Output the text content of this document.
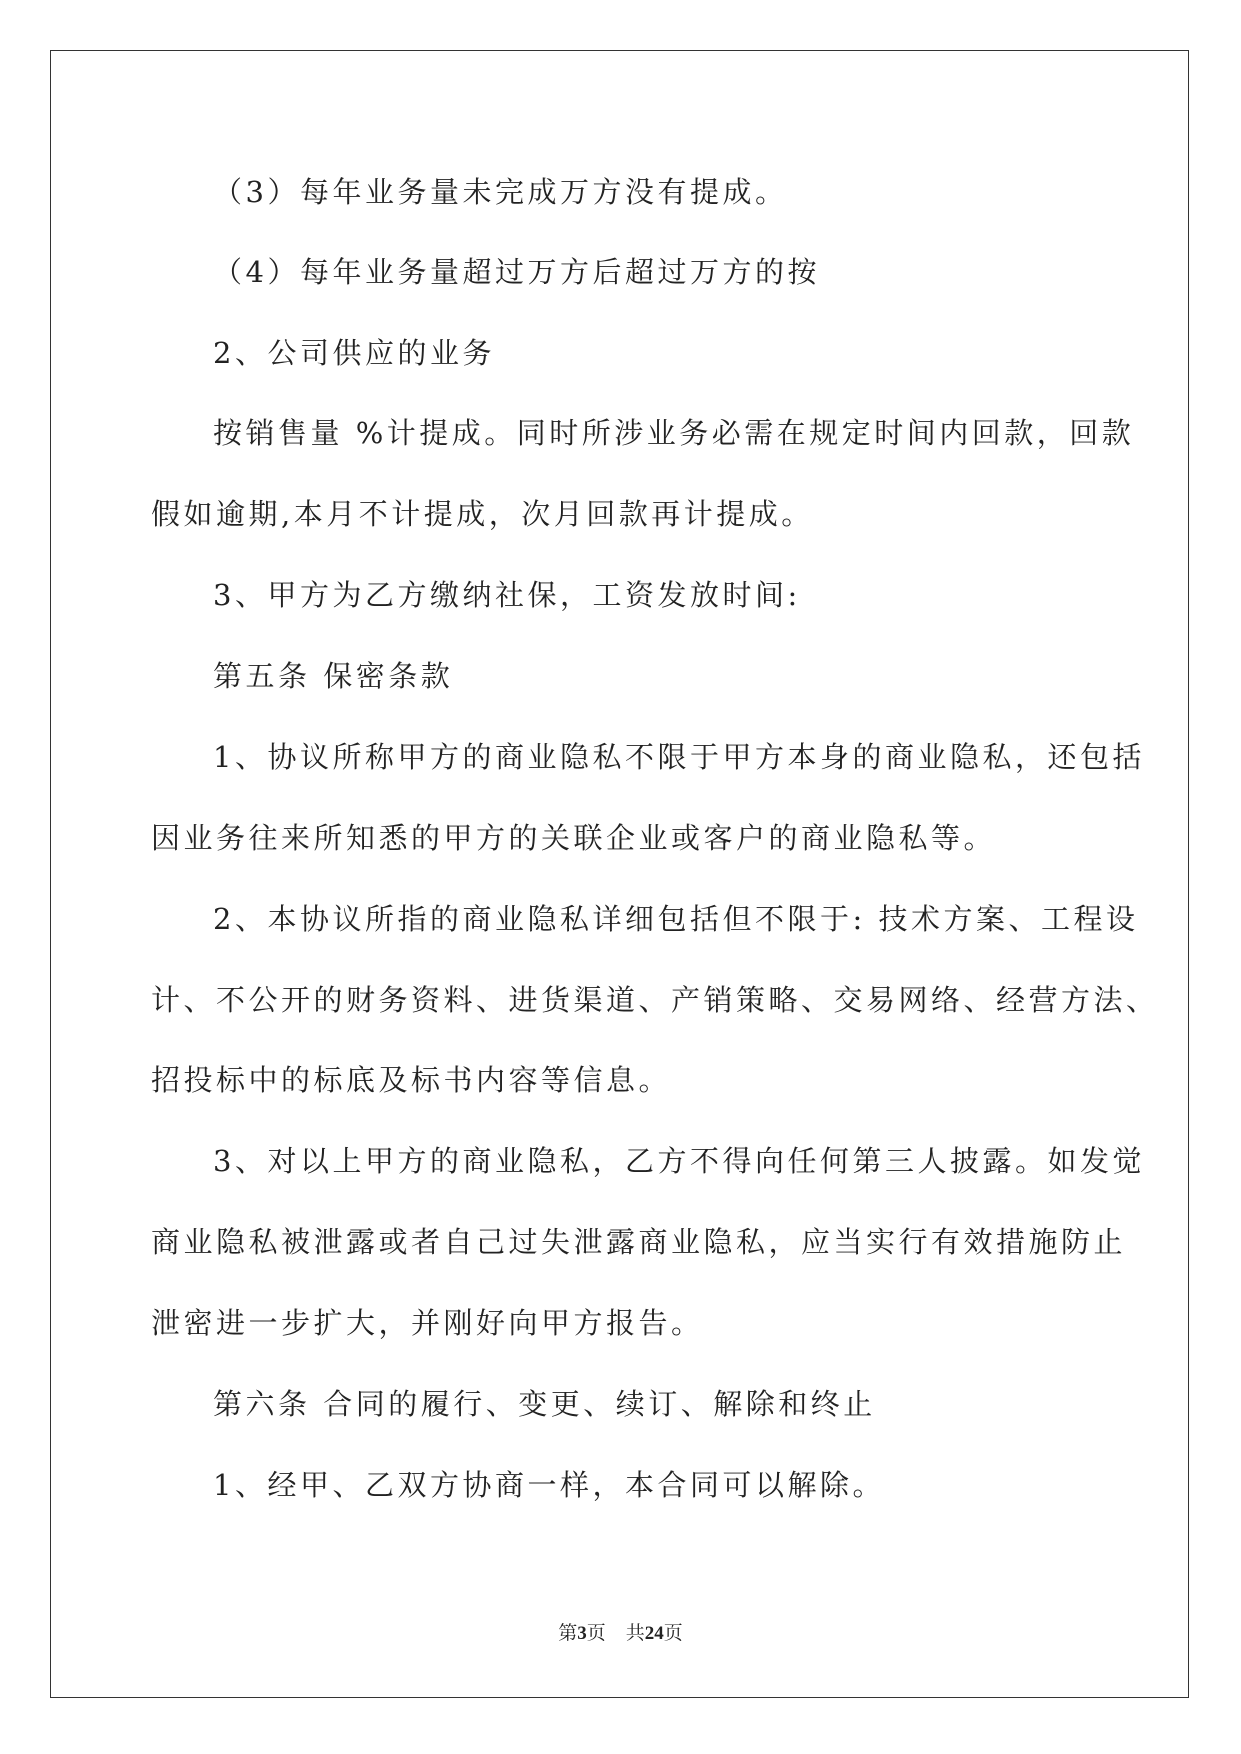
（3）每年业务量未完成万方没有提成。
（4）每年业务量超过万方后超过万方的按
2、公司供应的业务
按销售量 %计提成。同时所涉业务必需在规定时间内回款，回款
假如逾期,本月不计提成，次月回款再计提成。
3、甲方为乙方缴纳社保，工资发放时间:
第五条 保密条款
1、协议所称甲方的商业隐私不限于甲方本身的商业隐私，还包括
因业务往来所知悉的甲方的关联企业或客户的商业隐私等。
2、本协议所指的商业隐私详细包括但不限于: 技术方案、工程设
计、不公开的财务资料、进货渠道、产销策略、交易网络、经营方法、
招投标中的标底及标书内容等信息。
3、对以上甲方的商业隐私，乙方不得向任何第三人披露。如发觉
商业隐私被泄露或者自己过失泄露商业隐私，应当实行有效措施防止
泄密进一步扩大，并刚好向甲方报告。
第六条 合同的履行、变更、续订、解除和终止
1、经甲、乙双方协商一样，本合同可以解除。
第3页 共24页
